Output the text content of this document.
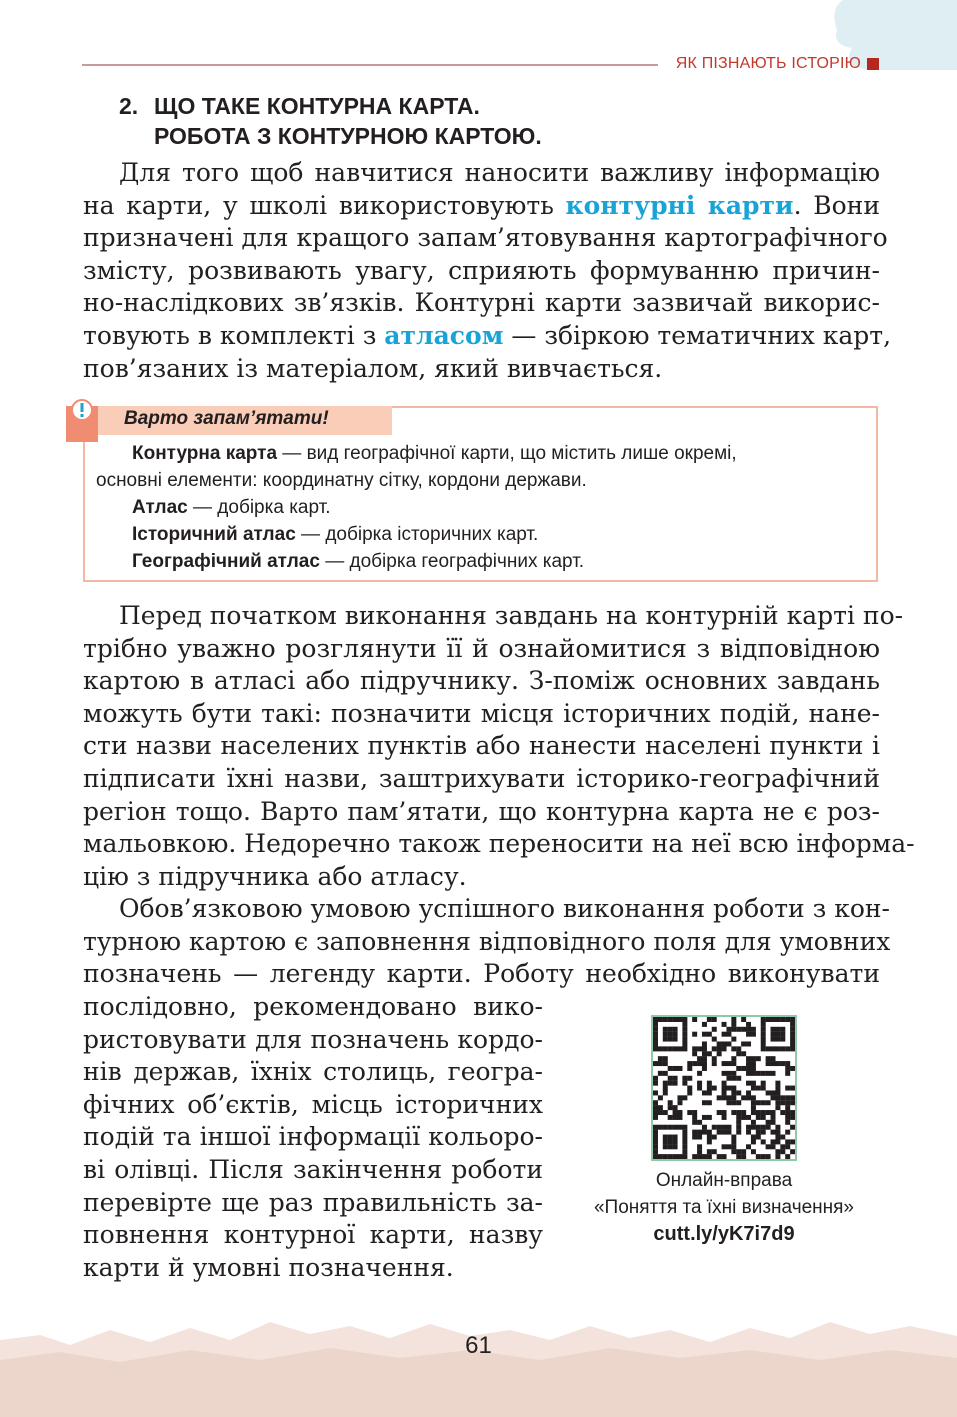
ЯК ПІЗНАЮТЬ ІСТОРІЮ
2. ЩО ТАКЕ КОНТУРНА КАРТА.
РОБОТА З КОНТУРНОЮ КАРТОЮ.
Для того щоб навчитися наносити важливу інформацію
на карти, у школі використовують контурні карти. Вони
призначені для кращого запам’ятовування картографічного
змісту, розвивають увагу, сприяють формуванню причин-
но-наслідкових зв’язків. Контурні карти зазвичай викорис-
товують в комплекті з атласом — збіркою тематичних карт,
пов’язаних із матеріалом, який вивчається.
Варто запам’ятати!
Контурна карта — вид географічної карти, що містить лише окремі,
основні елементи: координатну сітку, кордони держави.
Атлас — добірка карт.
Історичний атлас — добірка історичних карт.
Географічний атлас — добірка географічних карт.
Перед початком виконання завдань на контурній карті по-
трібно уважно розглянути її й ознайомитися з відповідною
картою в атласі або підручнику. З-поміж основних завдань
можуть бути такі: позначити місця історичних подій, нане-
сти назви населених пунктів або нанести населені пункти і
підписати їхні назви, заштрихувати історико-географічний
регіон тощо. Варто пам’ятати, що контурна карта не є роз-
мальовкою. Недоречно також переносити на неї всю інформа-
цію з підручника або атласу.
Обов’язковою умовою успішного виконання роботи з кон-
турною картою є заповнення відповідного поля для умовних
позначень — легенду карти. Роботу необхідно виконувати
послідовно, рекомендовано вико-
ристовувати для позначень кордо-
нів держав, їхніх столиць, геогра-
фічних об’єктів, місць історичних
подій та іншої інформації кольоро-
ві олівці. Після закінчення роботи
перевірте ще раз правильність за-
повнення контурної карти, назву
карти й умовні позначення.
Онлайн-вправа
«Поняття та їхні визначення»
cutt.ly/yK7i7d9
61
